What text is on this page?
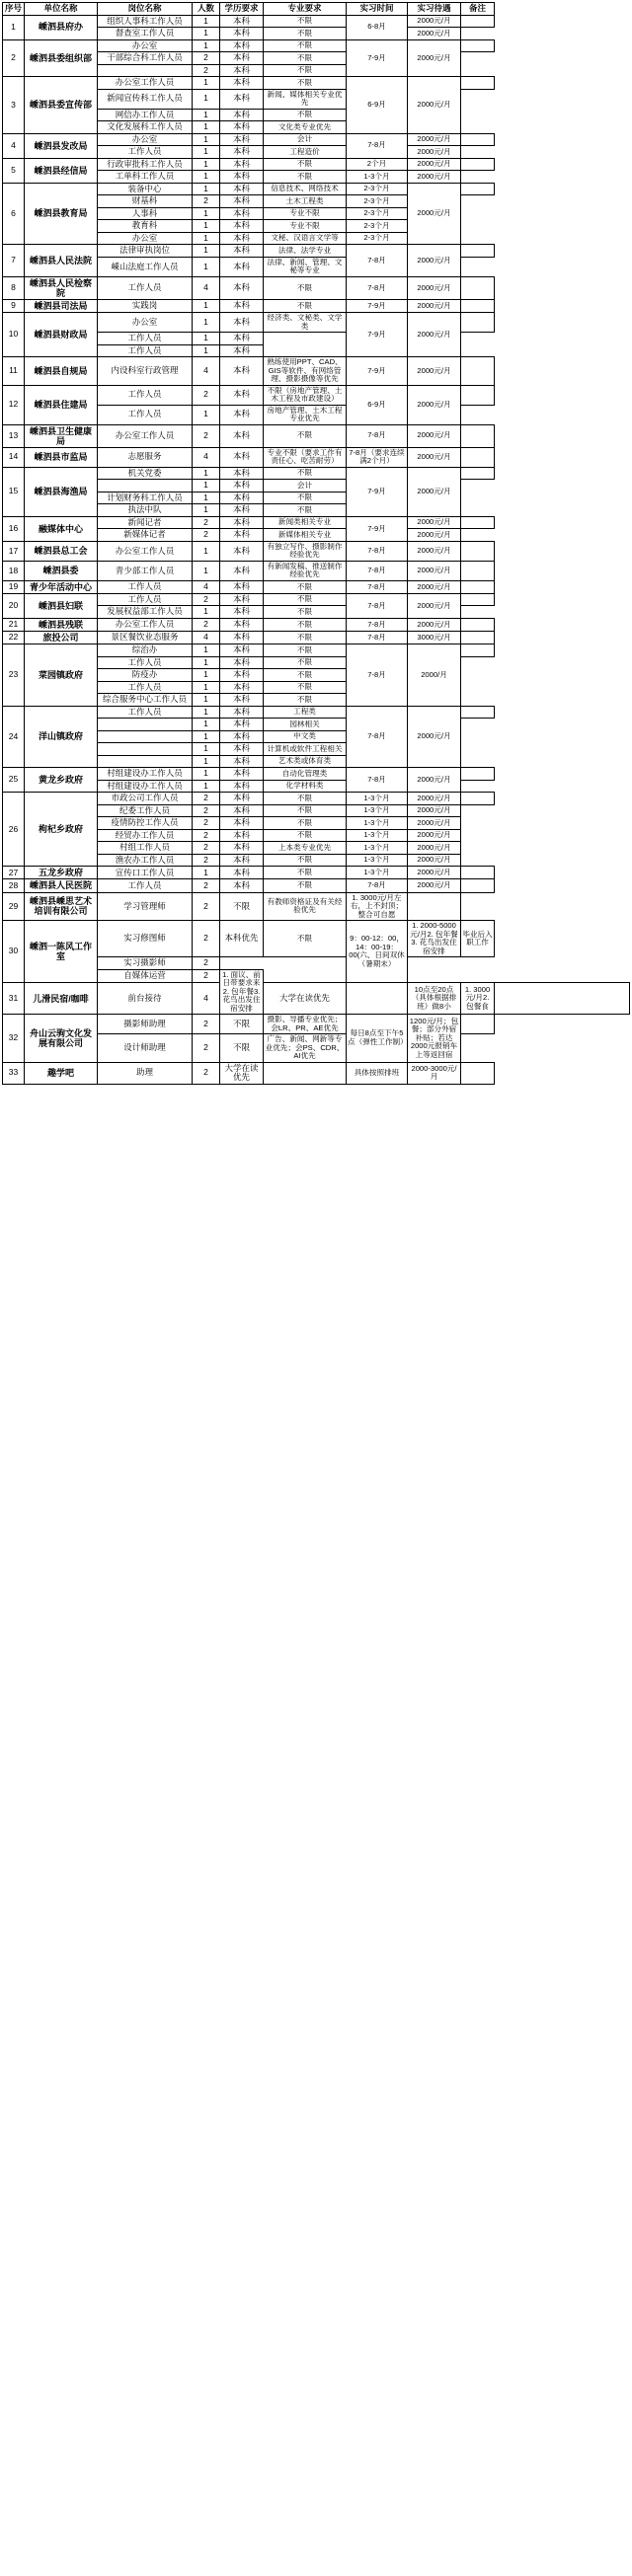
序号	单位名称	岗位名称	人数	学历要求	专业要求	实习时间	实习待遇	备注	
1	嵊泗县府办	组织人事科工作人员	1	本科	不限	6-8月	2000元/月		
		督查室工作人员	1	本科	不限		2000元/月		
2	嵊泗县委组织部	办公室	1	本科	不限	7-9月	2000元/月		
		干部综合科工作人员	2	本科	不限				
			2	本科	不限				
3	嵊泗县委宣传部	办公室工作人员	1	本科	不限	6-9月	2000元/月		
		新闻宣传科工作人员	1	本科	新闻、媒体相关专业优先				
		网信办工作人员	1	本科	不限				
		文化发展科工作人员	1	本科	文化类专业优先				
4	嵊泗县发改局	办公室	1	本科	会计	7-8月	2000元/月		
		工作人员	1	本科	工程造价		2000元/月		
5	嵊泗县经信局	行政审批科工作人员	1	本科	不限	2个月	2000元/月		
		工单科工作人员	1	本科	不限	1-3个月	2000元/月		
6	嵊泗县教育局	装备中心	1	本科	信息技术、网络技术	2-3个月	2000元/月		
		财基科	2	本科	土木工程类	2-3个月			
		人事科	1	本科	专业不限	2-3个月			
		教育科	1	本科	专业不限	2-3个月			
		办公室	1	本科	文秘、汉语言文学等	2-3个月			
7	嵊泗县人民法院	法律审执岗位	1	本科	法律、法学专业	7-8月	2000元/月		
		嵊山法庭工作人员	1	本科	法律、新闻、管理、文秘等专业				
8	嵊泗县人民检察院	工作人员	4	本科	不限	7-8月	2000元/月		
9	嵊泗县司法局	实践岗	1	本科	不限	7-9月	2000元/月		
10	嵊泗县财政局	办公室	1	本科	经济类、文秘类、文学类	7-9月	2000元/月		
		工作人员	1	本科					
		工作人员	1	本科					
11	嵊泗县自规局	内设科室行政管理	4	本科	熟练使用PPT、CAD、GIS等软件、有网络管理、摄影摄像等优先	7-9月	2000元/月		
12	嵊泗县住建局	工作人员	2	本科	不限（房地产管理、土木工程及市政建设）	6-9月	2000元/月		
		工作人员	1	本科	房地产管理、土木工程专业优先				
13	嵊泗县卫生健康局	办公室工作人员	2	本科	不限	7-8月	2000元/月		
14	嵊泗县市监局	志愿服务	4	本科	专业不限（要求工作有责任心、吃苦耐劳）	7-8月（要求连续满2个月）	2000元/月		
15	嵊泗县海渔局	机关党委	1	本科	不限	7-9月	2000元/月		
			1	本科	会计				
		计划财务科工作人员	1	本科	不限				
		执法中队	1	本科	不限				
16	融媒体中心	新闻记者	2	本科	新闻类相关专业	7-9月	2000元/月		
		新媒体记者	2	本科	新媒体相关专业		2000元/月		
17	嵊泗县总工会	办公室工作人员	1	本科	有独立写作、摄影制作经验优先	7-8月	2000元/月		
18	嵊泗县委	青少部工作人员	1	本科	有新闻发稿、推送制作经验优先	7-8月	2000元/月		
19	青少年活动中心	工作人员	4	本科	不限	7-8月	2000元/月		
20	嵊泗县妇联	工作人员	2	本科	不限	7-8月	2000元/月		
		发展权益部工作人员	1	本科	不限				
21	嵊泗县残联	办公室工作人员	2	本科	不限	7-8月	2000元/月		
22	旅投公司	景区餐饮业态服务	4	本科	不限	7-8月	3000元/月		
23	菜园镇政府	综治办	1	本科	不限	7-8月	2000/月		
		工作人员	1	本科	不限				
		防疫办	1	本科	不限				
		工作人员	1	本科	不限				
		综合服务中心工作人员	1	本科	不限				
24	洋山镇政府	工作人员	1	本科	工程类	7-8月	2000元/月		
			1	本科	园林相关				
			1	本科	中文类				
			1	本科	计算机或软件工程相关				
			1	本科	艺术类或体育类				
25	黄龙乡政府	村组建设办工作人员	1	本科	自动化管理类	7-8月	2000元/月		
		村组建设办工作人员	1	本科	化学材料类				
26	枸杞乡政府	市政公司工作人员	2	本科	不限	1-3个月	2000元/月		
		纪委工作人员	2	本科	不限	1-3个月	2000元/月		
		疫情防控工作人员	2	本科	不限	1-3个月	2000元/月		
		经贸办工作人员	2	本科	不限	1-3个月	2000元/月		
		村组工作人员	2	本科	上本类专业优先	1-3个月	2000元/月		
		渔农办工作人员	2	本科	不限	1-3个月	2000元/月		
27	五龙乡政府	宣传口工作人员	1	本科	不限	1-3个月	2000元/月		
28	嵊泗县人民医院	工作人员	2	本科	不限	7-8月	2000元/月		
29	嵊泗县嵊思艺术培训有限公司	学习管理师	2	不限	有教师资格证及有关经验优先	1. 3000元/月左右，上不封顶；整合可自愿			
30	嵊泗一陈风工作室	实习修图师	2	本科优先	不限	9：00-12：00，14：00-19：00(六、日间双休（暑期末）	1. 2000-5000元/月2. 包年餐3. 花鸟出发住宿安排	毕业后入职工作	
		实习摄影师	2						
		自媒体运营	2	1. 面议、前日带要求来2. 包年餐3. 花鸟出发住宿安排					
31	儿滑民宿/咖啡	前台接待	4		大学在读优先		10点至20点（具体根据排班）做8小	1. 3000元/月2. 包餐食	
32	舟山云驹文化发展有限公司	摄影师助理	2	不限	摄影、导播专业优先；会LR、PR、AE优先	每日8点至下午5点（弹性工作制）	1200元/月；包餐；部分外宿补贴；若达2000元报销车上等返回宿		
		设计师助理	2	不限	广告、新闻、网新等专业优先；会PS、CDR、AI优先				
33	趣学吧	助理	2	大学在读优先		具体按照排班	2000-3000元/月		
